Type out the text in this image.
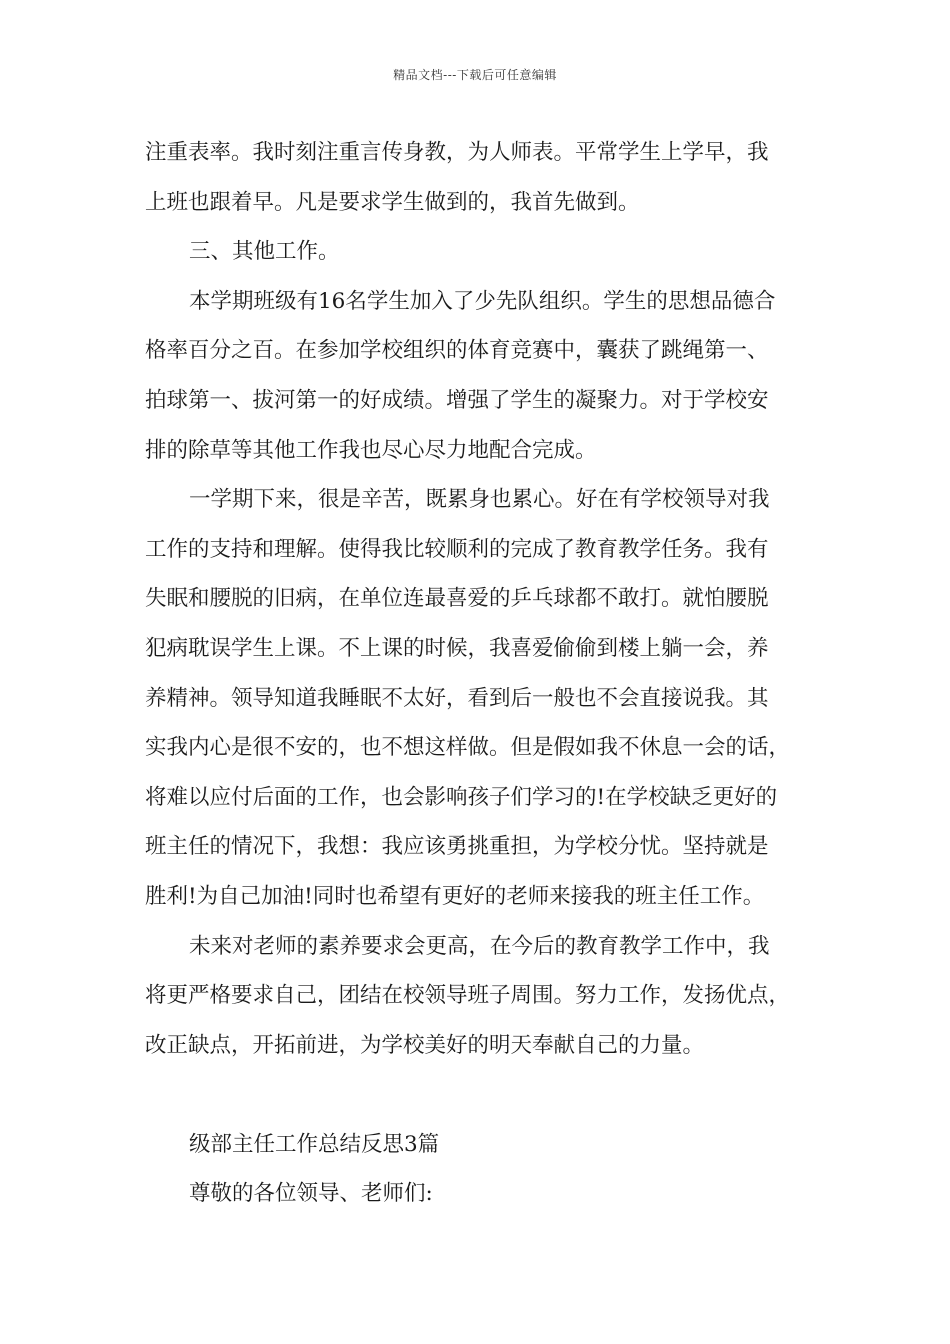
精品文档---下载后可任意编辑
注重表率。我时刻注重言传身教，为人师表。平常学生上学早，我
上班也跟着早。凡是要求学生做到的，我首先做到。
三、其他工作。
本学期班级有16名学生加入了少先队组织。学生的思想品德合
格率百分之百。在参加学校组织的体育竞赛中，囊获了跳绳第一、
拍球第一、拔河第一的好成绩。增强了学生的凝聚力。对于学校安
排的除草等其他工作我也尽心尽力地配合完成。
一学期下来，很是辛苦，既累身也累心。好在有学校领导对我
工作的支持和理解。使得我比较顺利的完成了教育教学任务。我有
失眠和腰脱的旧病，在单位连最喜爱的乒乓球都不敢打。就怕腰脱
犯病耽误学生上课。不上课的时候，我喜爱偷偷到楼上躺一会，养
养精神。领导知道我睡眠不太好，看到后一般也不会直接说我。其
实我内心是很不安的，也不想这样做。但是假如我不休息一会的话，
将难以应付后面的工作，也会影响孩子们学习的!在学校缺乏更好的
班主任的情况下，我想：我应该勇挑重担，为学校分忧。坚持就是
胜利!为自己加油!同时也希望有更好的老师来接我的班主任工作。
未来对老师的素养要求会更高，在今后的教育教学工作中，我
将更严格要求自己，团结在校领导班子周围。努力工作，发扬优点，
改正缺点，开拓前进，为学校美好的明天奉献自己的力量。
级部主任工作总结反思3篇
尊敬的各位领导、老师们:
